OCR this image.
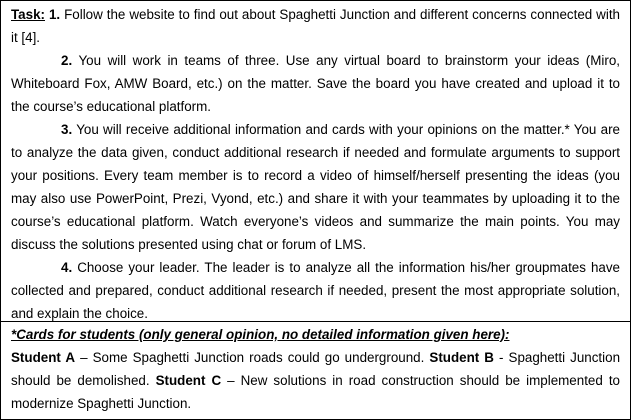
Task: 1. Follow the website to find out about Spaghetti Junction and different concerns connected with it [4].

2. You will work in teams of three. Use any virtual board to brainstorm your ideas (Miro, Whiteboard Fox, AMW Board, etc.) on the matter. Save the board you have created and upload it to the course’s educational platform.

3. You will receive additional information and cards with your opinions on the matter.* You are to analyze the data given, conduct additional research if needed and formulate arguments to support your positions. Every team member is to record a video of himself/herself presenting the ideas (you may also use PowerPoint, Prezi, Vyond, etc.) and share it with your teammates by uploading it to the course’s educational platform. Watch everyone’s videos and summarize the main points. You may discuss the solutions presented using chat or forum of LMS.

4. Choose your leader. The leader is to analyze all the information his/her groupmates have collected and prepared, conduct additional research if needed, present the most appropriate solution, and explain the choice.

*Cards for students (only general opinion, no detailed information given here):

Student A – Some Spaghetti Junction roads could go underground. Student B - Spaghetti Junction should be demolished. Student C – New solutions in road construction should be implemented to modernize Spaghetti Junction.
